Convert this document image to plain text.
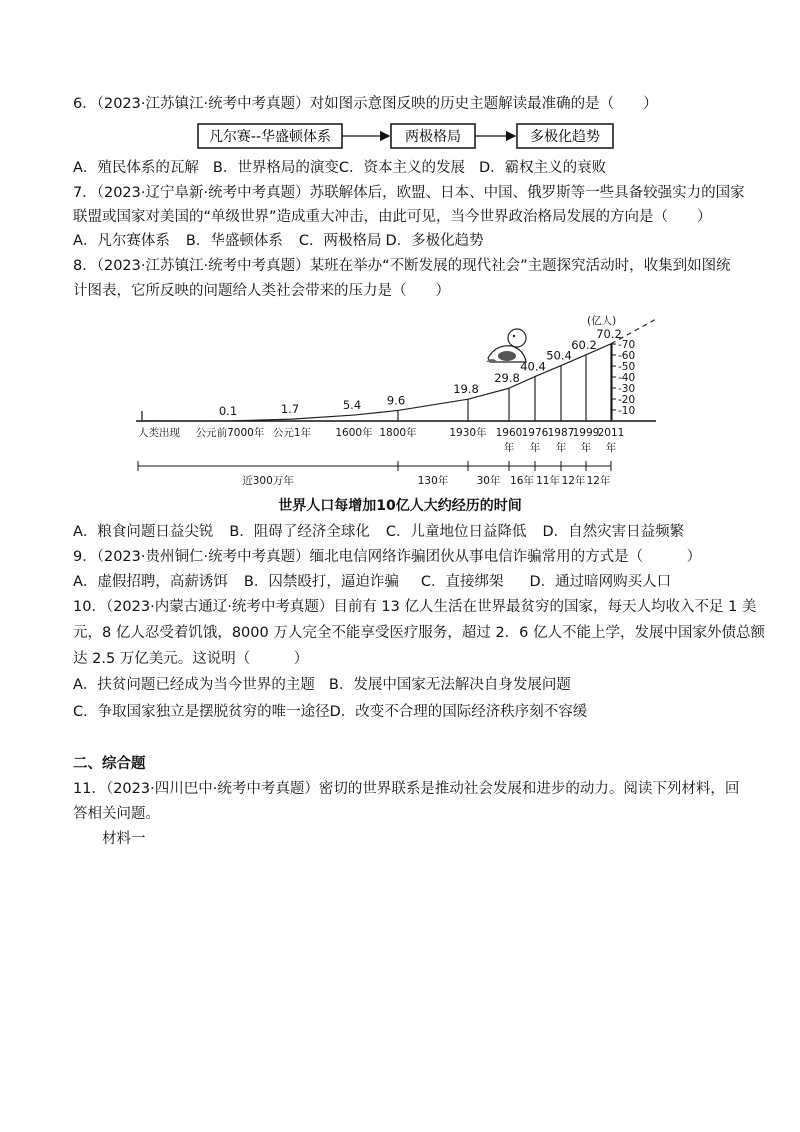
6．（2023·江苏镇江·统考中考真题）对如图示意图反映的历史主题解读最准确的是（　　）
凡尔赛--华盛顿体系	两极格局	多极化趋势
A．殖民体系的瓦解 B．世界格局的演变C．资本主义的发展 D．霸权主义的衰败
7．（2023·辽宁阜新·统考中考真题）苏联解体后，欧盟、日本、中国、俄罗斯等一些具备较强实力的国家
联盟或国家对美国的“单级世界”造成重大冲击，由此可见，当今世界政治格局发展的方向是（　　）
A．凡尔赛体系 B．华盛顿体系 C．两极格局 D．多极化趋势
8．（2023·江苏镇江·统考中考真题）某班在举办“不断发展的现代社会”主题探究活动时，收集到如图统
计图表，它所反映的问题给人类社会带来的压力是（　　）
-10
-20
-30
-40
-50
-60
-70
(亿人)
0.1	1.7	5.4 9.6
19.8
29.8
40.4
50.4
60.2
70.2
人类出现 公元前7000年 公元1年 1600年 1800年	1930年 1960
年
1976
年
1987
年
1999
年
2011
年
近300万年	130年	30年 16年 11年 12年 12年
世界人口每增加10亿人大约经历的时间
A．粮食问题日益尖锐 B．阻碍了经济全球化 C．儿童地位日益降低 D．自然灾害日益频繁
9．（2023·贵州铜仁·统考中考真题）缅北电信网络诈骗团伙从事电信诈骗常用的方式是（　　　）
A．虚假招聘，高薪诱饵 B．囚禁殴打，逼迫诈骗 C．直接绑架 D．通过暗网购买人口
10．（2023·内蒙古通辽·统考中考真题）目前有 13 亿人生活在世界最贫穷的国家，每天人均收入不足 1 美
元，8 亿人忍受着饥饿，8000 万人完全不能享受医疗服务，超过 2．6 亿人不能上学，发展中国家外债总额
达 2.5 万亿美元。这说明（　　　）
A．扶贫问题已经成为当今世界的主题 B．发展中国家无法解决自身发展问题
C．争取国家独立是摆脱贫穷的唯一途径D．改变不合理的国际经济秩序刻不容缓
二、综合题
11．（2023·四川巴中·统考中考真题）密切的世界联系是推动社会发展和进步的动力。阅读下列材料，回
答相关问题。
材料一
